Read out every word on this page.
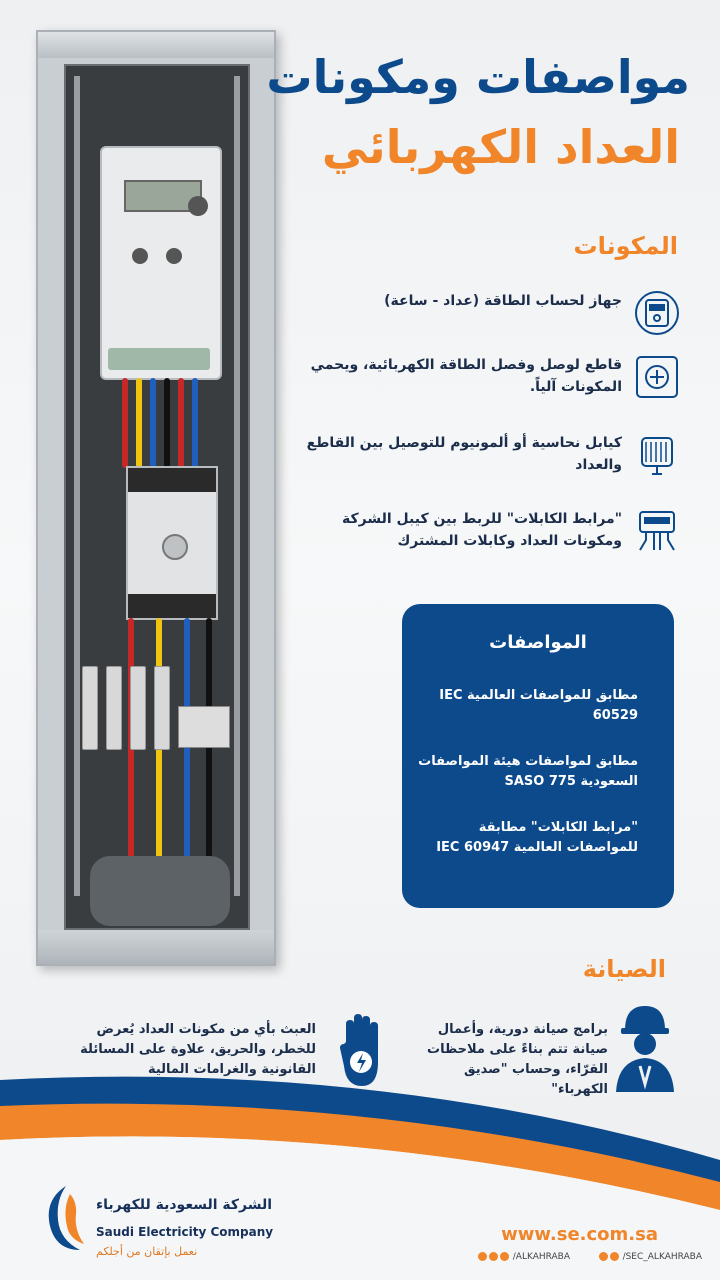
مواصفات ومكونات
العداد الكهربائي
المكونات
جهاز لحساب الطاقة (عداد - ساعة)
قاطع لوصل وفصل الطاقة الكهربائية، ويحمي المكونات آلياً.
كيابل نحاسية أو ألمونيوم للتوصيل بين القاطع والعداد
"مرابط الكابلات" للربط بين كيبل الشركة ومكونات العداد وكابلات المشترك
المواصفات
مطابق للمواصفات العالمية IEC 60529
مطابق لمواصفات هيئة المواصفات السعودية SASO 775
"مرابط الكابلات" مطابقة للمواصفات العالمية IEC 60947
الصيانة
برامج صيانة دورية، وأعمال صيانة تتم بناءً على ملاحظات القرّاء، وحساب "صديق الكهرباء"
العبث بأي من مكونات العداد يُعرض للخطر، والحريق، علاوة على المسائلة القانونية والغرامات المالية
الشركة السعودية للكهرباء
Saudi Electricity Company
نعمل بإتقان من أجلكم
www.se.com.sa
/ALKAHRABA	/SEC_ALKAHRABA
